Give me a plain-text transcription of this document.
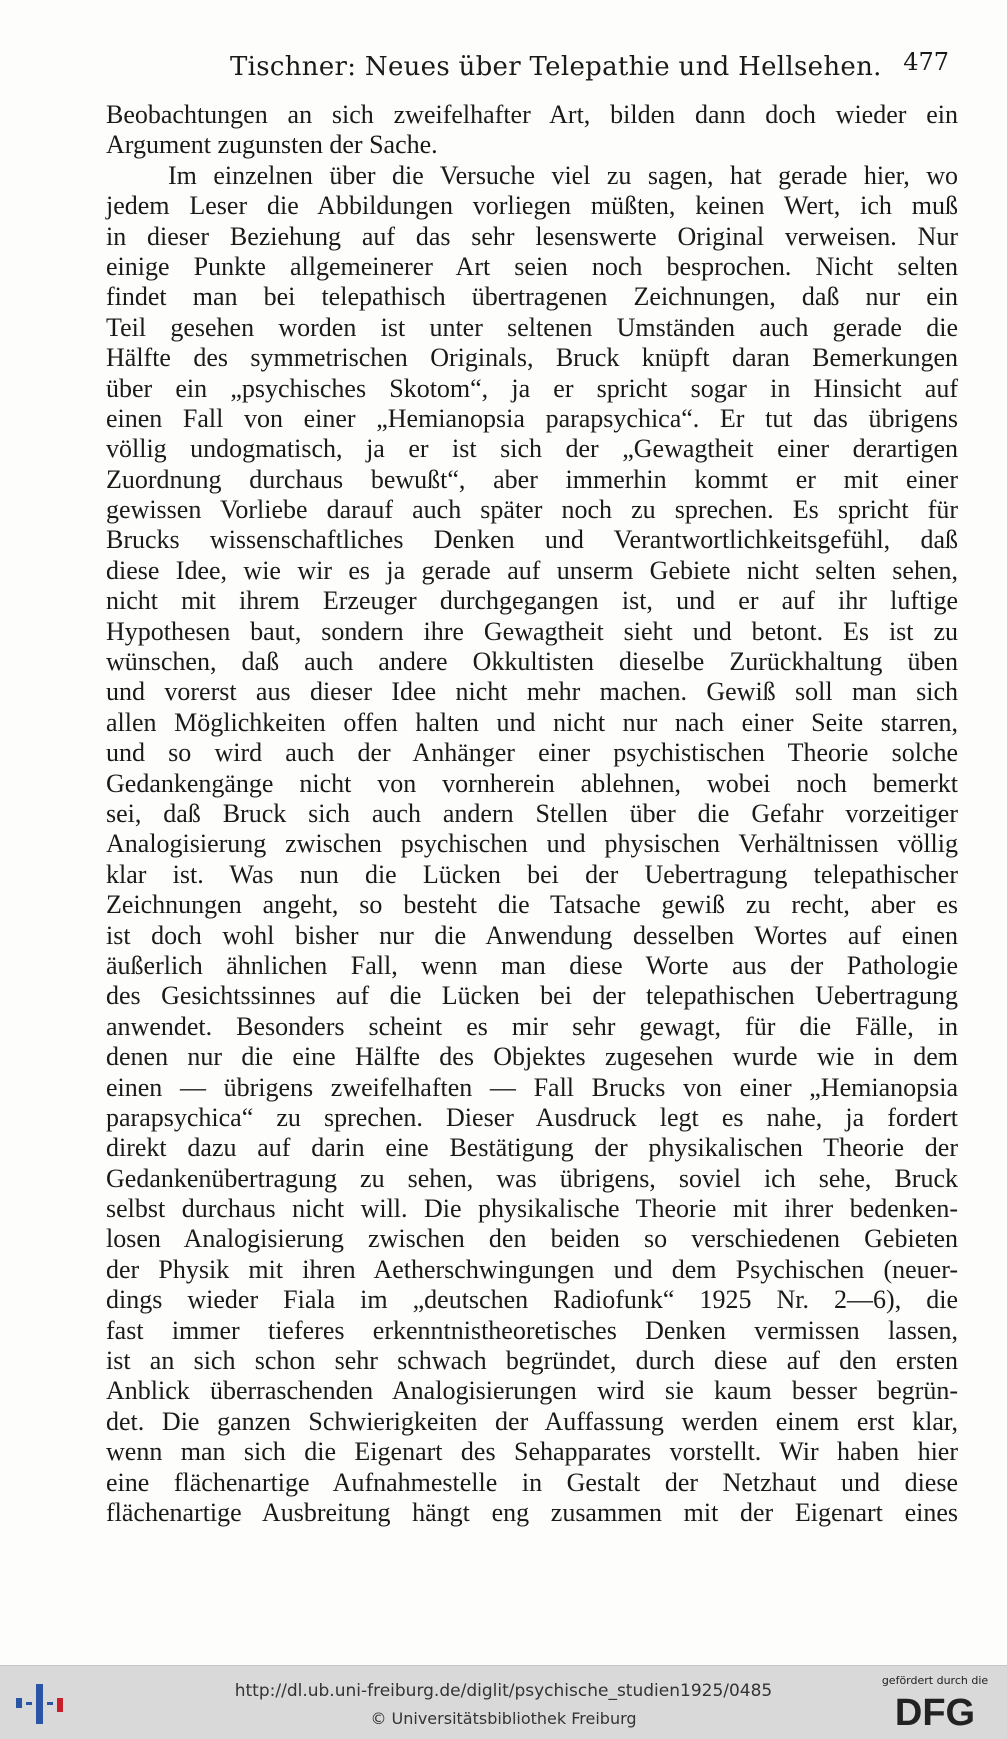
Tischner: Neues über Telepathie und Hellsehen. 477
Beobachtungen an sich zweifelhafter Art, bilden dann doch wieder ein
Argument zugunsten der Sache.
Im einzelnen über die Versuche viel zu sagen, hat gerade hier, wo
jedem Leser die Abbildungen vorliegen müßten, keinen Wert, ich muß
in dieser Beziehung auf das sehr lesenswerte Original verweisen. Nur
einige Punkte allgemeinerer Art seien noch besprochen. Nicht selten
findet man bei telepathisch übertragenen Zeichnungen, daß nur ein
Teil gesehen worden ist unter seltenen Umständen auch gerade die
Hälfte des symmetrischen Originals, Bruck knüpft daran Bemerkungen
über ein „psychisches Skotom“, ja er spricht sogar in Hinsicht auf
einen Fall von einer „Hemianopsia parapsychica“. Er tut das übrigens
völlig undogmatisch, ja er ist sich der „Gewagtheit einer derartigen
Zuordnung durchaus bewußt“, aber immerhin kommt er mit einer
gewissen Vorliebe darauf auch später noch zu sprechen. Es spricht für
Brucks wissenschaftliches Denken und Verantwortlichkeitsgefühl, daß
diese Idee, wie wir es ja gerade auf unserm Gebiete nicht selten sehen,
nicht mit ihrem Erzeuger durchgegangen ist, und er auf ihr luftige
Hypothesen baut, sondern ihre Gewagtheit sieht und betont. Es ist zu
wünschen, daß auch andere Okkultisten dieselbe Zurückhaltung üben
und vorerst aus dieser Idee nicht mehr machen. Gewiß soll man sich
allen Möglichkeiten offen halten und nicht nur nach einer Seite starren,
und so wird auch der Anhänger einer psychistischen Theorie solche
Gedankengänge nicht von vornherein ablehnen, wobei noch bemerkt
sei, daß Bruck sich auch andern Stellen über die Gefahr vorzeitiger
Analogisierung zwischen psychischen und physischen Verhältnissen völlig
klar ist. Was nun die Lücken bei der Uebertragung telepathischer
Zeichnungen angeht, so besteht die Tatsache gewiß zu recht, aber es
ist doch wohl bisher nur die Anwendung desselben Wortes auf einen
äußerlich ähnlichen Fall, wenn man diese Worte aus der Pathologie
des Gesichtssinnes auf die Lücken bei der telepathischen Uebertragung
anwendet. Besonders scheint es mir sehr gewagt, für die Fälle, in
denen nur die eine Hälfte des Objektes zugesehen wurde wie in dem
einen — übrigens zweifelhaften — Fall Brucks von einer „Hemianopsia
parapsychica“ zu sprechen. Dieser Ausdruck legt es nahe, ja fordert
direkt dazu auf darin eine Bestätigung der physikalischen Theorie der
Gedankenübertragung zu sehen, was übrigens, soviel ich sehe, Bruck
selbst durchaus nicht will. Die physikalische Theorie mit ihrer bedenken-
losen Analogisierung zwischen den beiden so verschiedenen Gebieten
der Physik mit ihren Aetherschwingungen und dem Psychischen (neuer-
dings wieder Fiala im „deutschen Radiofunk“ 1925 Nr. 2—6), die
fast immer tieferes erkenntnistheoretisches Denken vermissen lassen,
ist an sich schon sehr schwach begründet, durch diese auf den ersten
Anblick überraschenden Analogisierungen wird sie kaum besser begrün-
det. Die ganzen Schwierigkeiten der Auffassung werden einem erst klar,
wenn man sich die Eigenart des Sehapparates vorstellt. Wir haben hier
eine flächenartige Aufnahmestelle in Gestalt der Netzhaut und diese
flächenartige Ausbreitung hängt eng zusammen mit der Eigenart eines
http://dl.ub.uni-freiburg.de/diglit/psychische_studien1925/0485
© Universitätsbibliothek Freiburg
gefördert durch die
DFG
